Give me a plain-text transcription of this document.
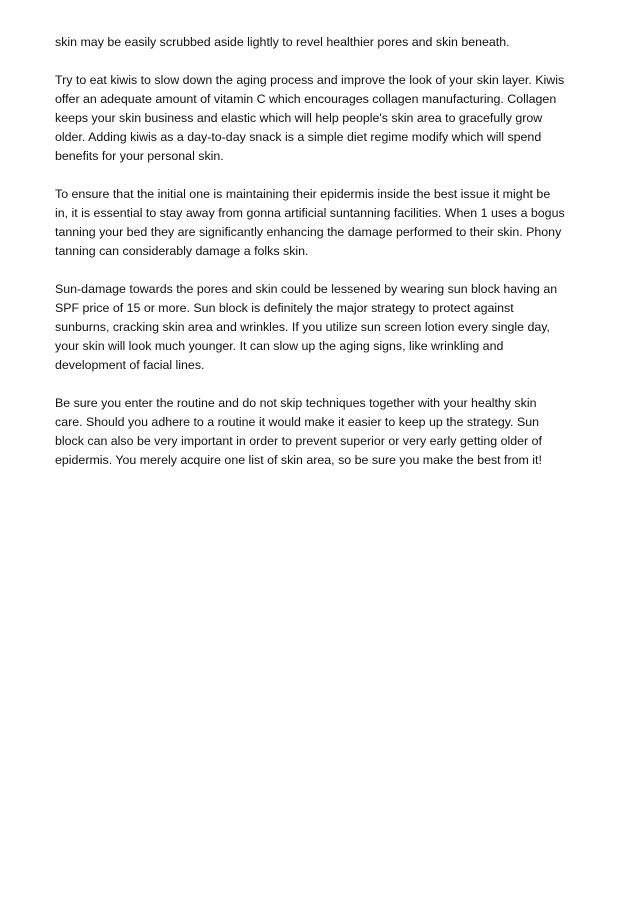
skin may be easily scrubbed aside lightly to revel healthier pores and skin beneath.

Try to eat kiwis to slow down the aging process and improve the look of your skin layer. Kiwis
offer an adequate amount of vitamin C which encourages collagen manufacturing. Collagen
keeps your skin business and elastic which will help people's skin area to gracefully grow
older. Adding kiwis as a day-to-day snack is a simple diet regime modify which will spend
benefits for your personal skin.

To ensure that the initial one is maintaining their epidermis inside the best issue it might be
in, it is essential to stay away from gonna artificial suntanning facilities. When 1 uses a bogus
tanning your bed they are significantly enhancing the damage performed to their skin. Phony
tanning can considerably damage a folks skin.

Sun-damage towards the pores and skin could be lessened by wearing sun block having an
SPF price of 15 or more. Sun block is definitely the major strategy to protect against
sunburns, cracking skin area and wrinkles. If you utilize sun screen lotion every single day,
your skin will look much younger. It can slow up the aging signs, like wrinkling and
development of facial lines.

Be sure you enter the routine and do not skip techniques together with your healthy skin
care. Should you adhere to a routine it would make it easier to keep up the strategy. Sun
block can also be very important in order to prevent superior or very early getting older of
epidermis. You merely acquire one list of skin area, so be sure you make the best from it!
